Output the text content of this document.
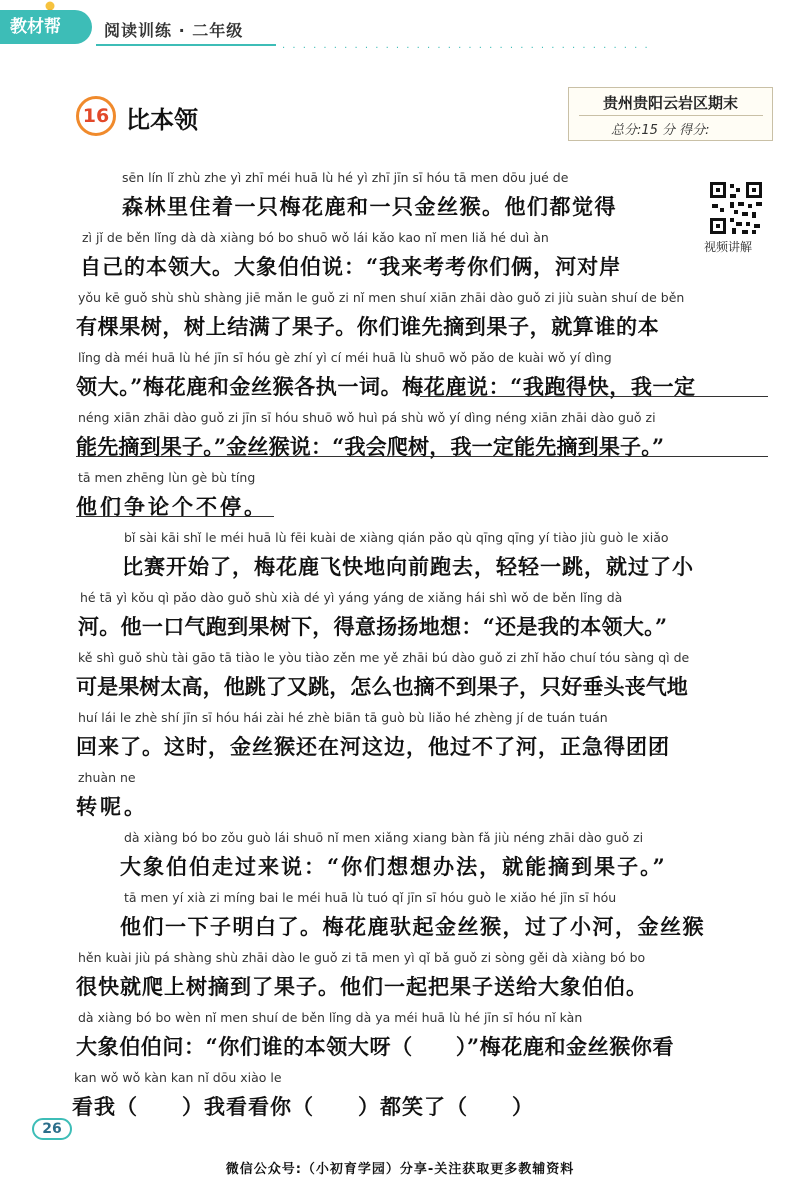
教材帮	阅读训练 · 二年级
· · · · · · · · · · · · · · · · · · · · · · · · · · · · · · · · · · · ·
16 比本领
贵州贵阳云岩区期末
总分:15 分 得分:
视频讲解
sēn lín lǐ zhù zhe yì zhī méi huā lù hé yì zhī jīn sī hóu tā men dōu jué de
森林里住着一只梅花鹿和一只金丝猴。他们都觉得
zì jǐ de běn lǐng dà dà xiàng bó bo shuō wǒ lái kǎo kao nǐ men liǎ hé duì àn
自己的本领大。大象伯伯说：“我来考考你们俩，河对岸
yǒu kē guǒ shù shù shàng jiē mǎn le guǒ zi nǐ men shuí xiān zhāi dào guǒ zi jiù suàn shuí de běn
有棵果树，树上结满了果子。你们谁先摘到果子，就算谁的本
lǐng dà méi huā lù hé jīn sī hóu gè zhí yì cí méi huā lù shuō wǒ pǎo de kuài wǒ yí dìng
领大。”梅花鹿和金丝猴各执一词。梅花鹿说：“我跑得快，我一定
néng xiān zhāi dào guǒ zi jīn sī hóu shuō wǒ huì pá shù wǒ yí dìng néng xiān zhāi dào guǒ zi
能先摘到果子。”金丝猴说：“我会爬树，我一定能先摘到果子。”
tā men zhēng lùn gè bù tíng
他们争论个不停。
bǐ sài kāi shǐ le méi huā lù fēi kuài de xiàng qián pǎo qù qīng qīng yí tiào jiù guò le xiǎo
比赛开始了，梅花鹿飞快地向前跑去，轻轻一跳，就过了小
hé tā yì kǒu qì pǎo dào guǒ shù xià dé yì yáng yáng de xiǎng hái shì wǒ de běn lǐng dà
河。他一口气跑到果树下，得意扬扬地想：“还是我的本领大。”
kě shì guǒ shù tài gāo tā tiào le yòu tiào zěn me yě zhāi bú dào guǒ zi zhǐ hǎo chuí tóu sàng qì de
可是果树太高，他跳了又跳，怎么也摘不到果子，只好垂头丧气地
huí lái le zhè shí jīn sī hóu hái zài hé zhè biān tā guò bù liǎo hé zhèng jí de tuán tuán
回来了。这时，金丝猴还在河这边，他过不了河，正急得团团
zhuàn ne
转呢。
dà xiàng bó bo zǒu guò lái shuō nǐ men xiǎng xiang bàn fǎ jiù néng zhāi dào guǒ zi
大象伯伯走过来说：“你们想想办法，就能摘到果子。”
tā men yí xià zi míng bai le méi huā lù tuó qǐ jīn sī hóu guò le xiǎo hé jīn sī hóu
他们一下子明白了。梅花鹿驮起金丝猴，过了小河，金丝猴
hěn kuài jiù pá shàng shù zhāi dào le guǒ zi tā men yì qǐ bǎ guǒ zi sòng gěi dà xiàng bó bo
很快就爬上树摘到了果子。他们一起把果子送给大象伯伯。
dà xiàng bó bo wèn nǐ men shuí de běn lǐng dà ya méi huā lù hé jīn sī hóu nǐ kàn
大象伯伯问：“你们谁的本领大呀（　　）”梅花鹿和金丝猴你看
kan wǒ wǒ kàn kan nǐ dōu xiào le
看我（　　）我看看你（　　）都笑了（　　）
26
微信公众号:（小初育学园）分享-关注获取更多教辅资料
